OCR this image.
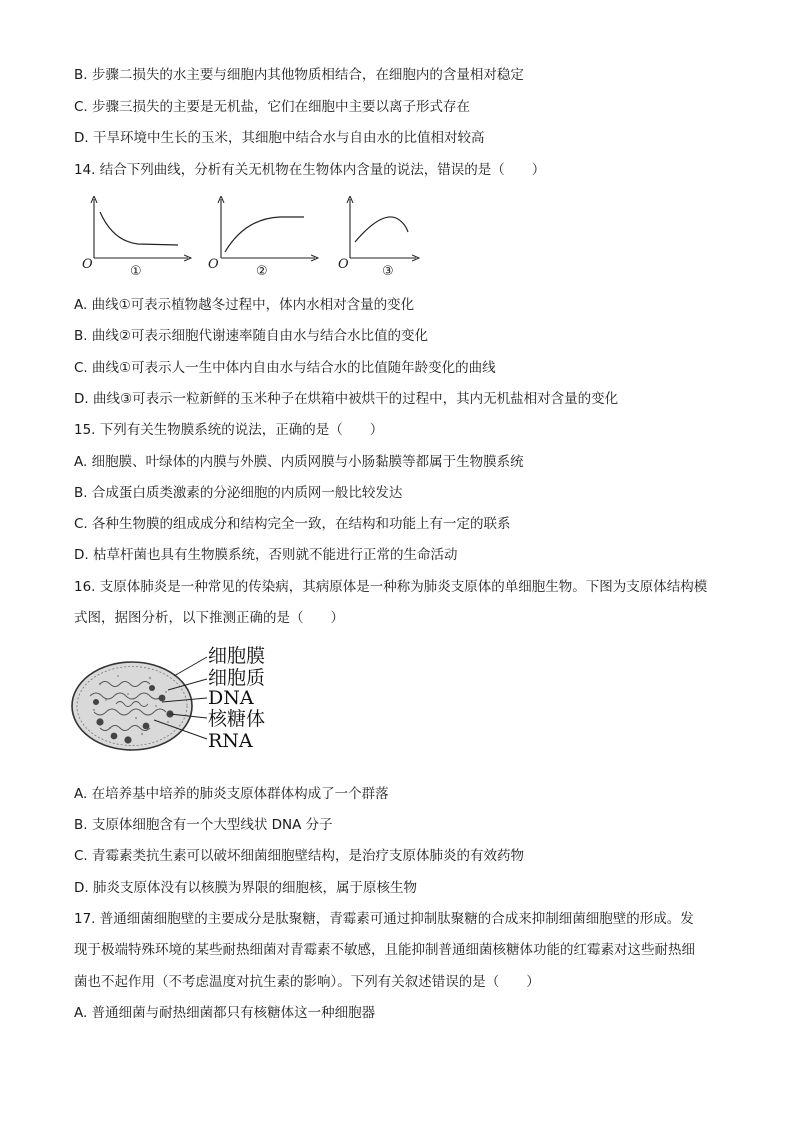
B. 步骤二损失的水主要与细胞内其他物质相结合，在细胞内的含量相对稳定
C. 步骤三损失的主要是无机盐，它们在细胞中主要以离子形式存在
D. 干旱环境中生长的玉米，其细胞中结合水与自由水的比值相对较高
14. 结合下列曲线，分析有关无机物在生物体内含量的说法，错误的是（　　）
O	①	O	②	O	③
A. 曲线①可表示植物越冬过程中，体内水相对含量的变化
B. 曲线②可表示细胞代谢速率随自由水与结合水比值的变化
C. 曲线①可表示人一生中体内自由水与结合水的比值随年龄变化的曲线
D. 曲线③可表示一粒新鲜的玉米种子在烘箱中被烘干的过程中，其内无机盐相对含量的变化
15. 下列有关生物膜系统的说法，正确的是（　　）
A. 细胞膜、叶绿体的内膜与外膜、内质网膜与小肠黏膜等都属于生物膜系统
B. 合成蛋白质类激素的分泌细胞的内质网一般比较发达
C. 各种生物膜的组成成分和结构完全一致，在结构和功能上有一定的联系
D. 枯草杆菌也具有生物膜系统，否则就不能进行正常的生命活动
16. 支原体肺炎是一种常见的传染病，其病原体是一种称为肺炎支原体的单细胞生物。下图为支原体结构模
式图，据图分析，以下推测正确的是（　　）
细胞膜
细胞质
DNA
核糖体
RNA
A. 在培养基中培养的肺炎支原体群体构成了一个群落
B. 支原体细胞含有一个大型线状 DNA 分子
C. 青霉素类抗生素可以破坏细菌细胞壁结构，是治疗支原体肺炎的有效药物
D. 肺炎支原体没有以核膜为界限的细胞核，属于原核生物
17. 普通细菌细胞壁的主要成分是肽聚糖，青霉素可通过抑制肽聚糖的合成来抑制细菌细胞壁的形成。发
现于极端特殊环境的某些耐热细菌对青霉素不敏感，且能抑制普通细菌核糖体功能的红霉素对这些耐热细
菌也不起作用（不考虑温度对抗生素的影响）。下列有关叙述错误的是（　　）
A. 普通细菌与耐热细菌都只有核糖体这一种细胞器
